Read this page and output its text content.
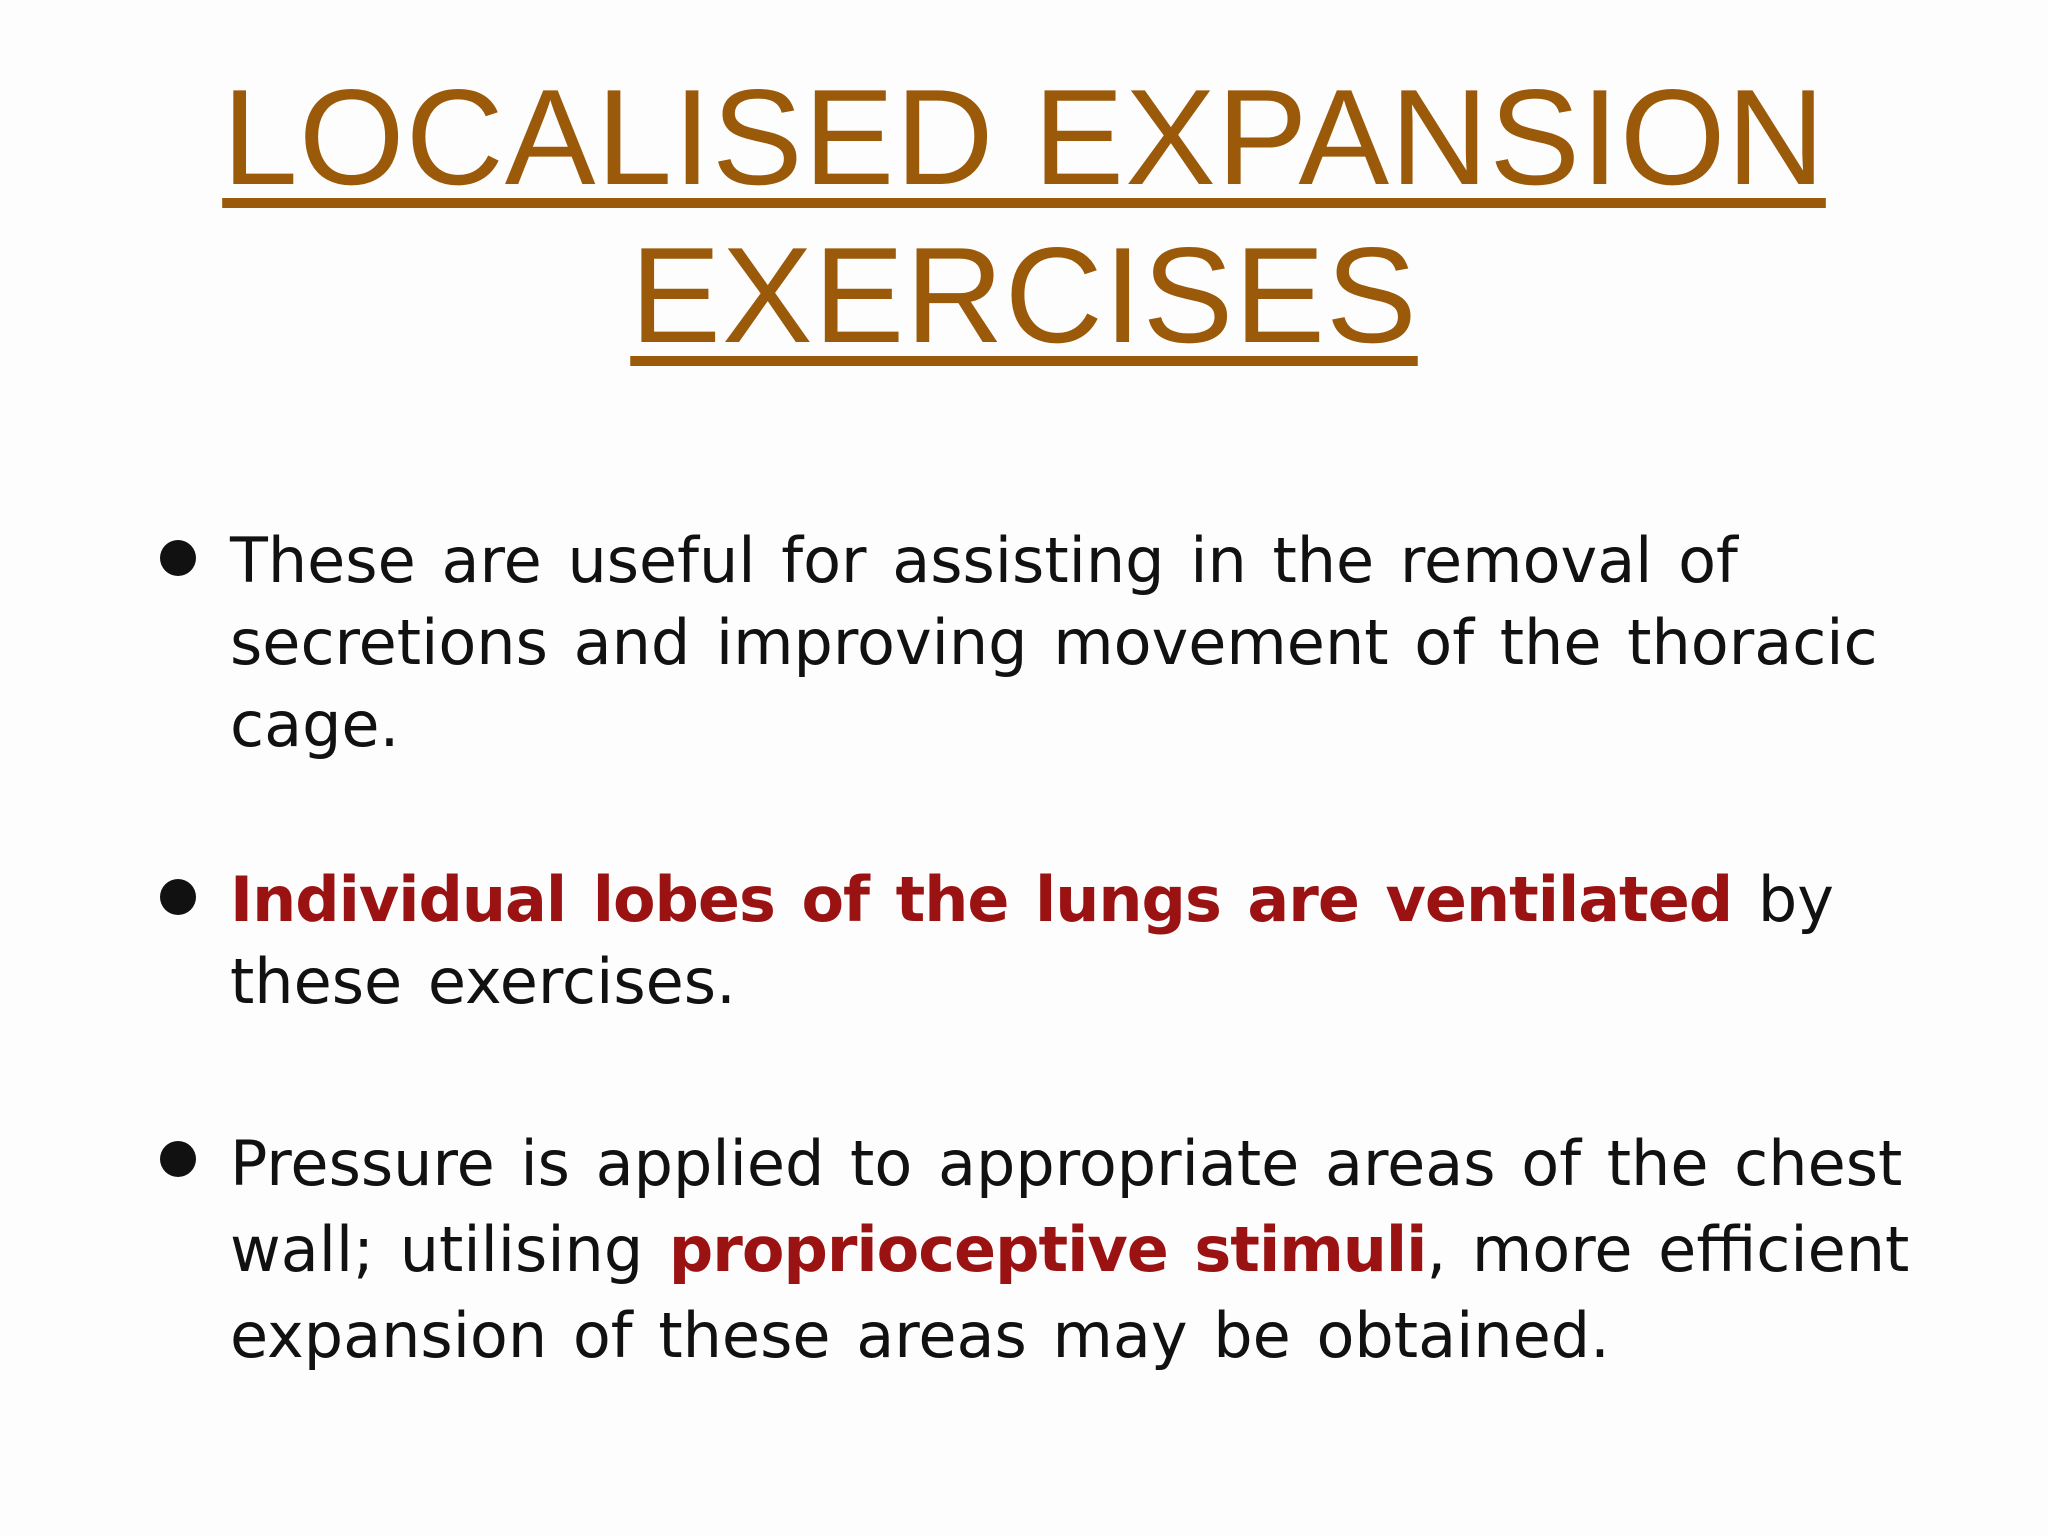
LOCALISED EXPANSION
EXERCISES
These are useful for assisting in the removal of secretions and improving movement of the thoracic cage.
Individual lobes of the lungs are ventilated by these exercises.
Pressure is applied to appropriate areas of the chest wall; utilising proprioceptive stimuli, more efficient expansion of these areas may be obtained.
